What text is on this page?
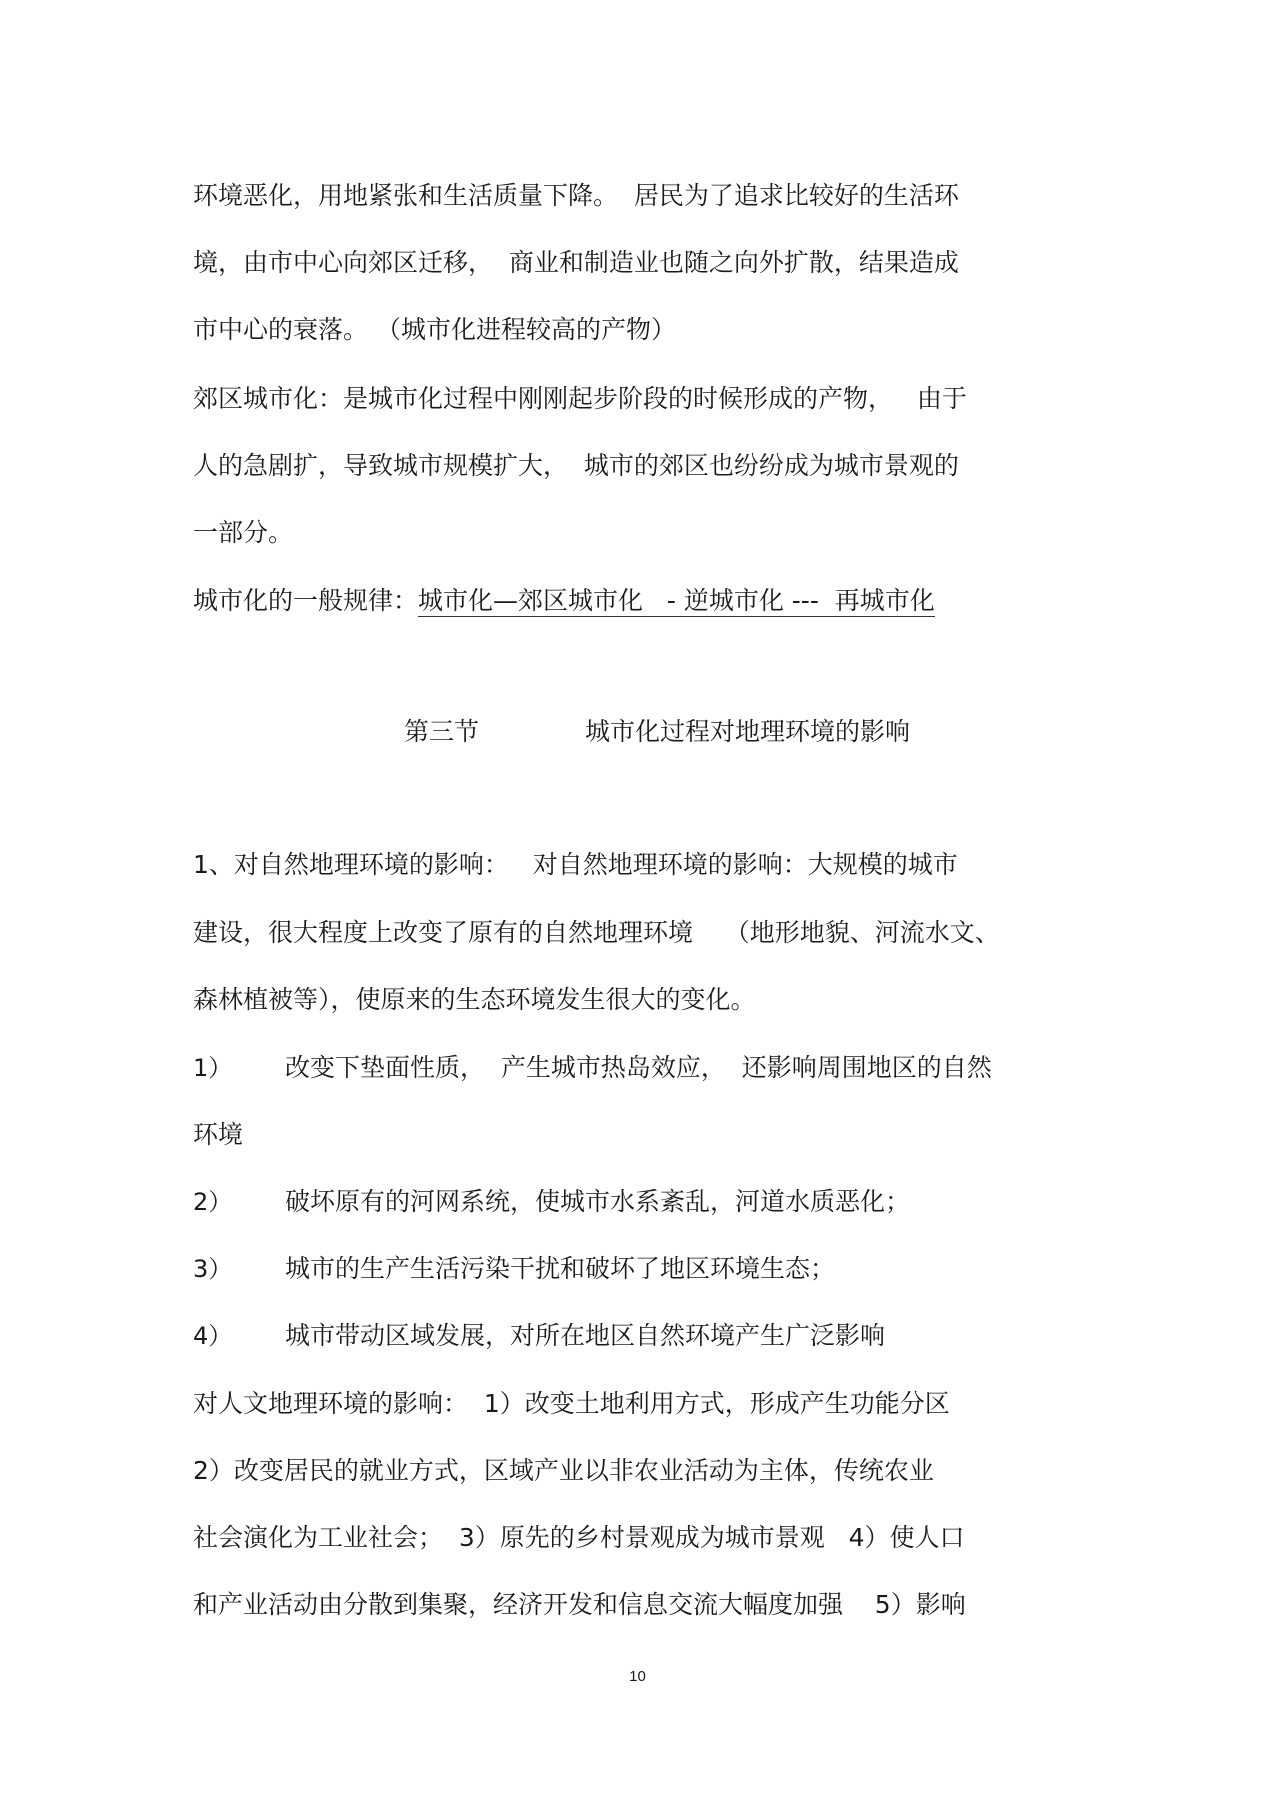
环境恶化，用地紧张和生活质量下降。  居民为了追求比较好的生活环
境，由市中心向郊区迁移，  商业和制造业也随之向外扩散，结果造成
市中心的衰落。 （城市化进程较高的产物）
郊区城市化：是城市化过程中刚刚起步阶段的时候形成的产物，   由于
人的急剧扩，导致城市规模扩大，  城市的郊区也纷纷成为城市景观的
一部分。
城市化的一般规律：城市化—郊区城市化   - 逆城市化 ---  再城市化
第三节	城市化过程对地理环境的影响
1、对自然地理环境的影响：   对自然地理环境的影响：大规模的城市
建设，很大程度上改变了原有的自然地理环境    （地形地貌、河流水文、
森林植被等），使原来的生态环境发生很大的变化。
1） 改变下垫面性质，  产生城市热岛效应，  还影响周围地区的自然
环境
2） 破坏原有的河网系统，使城市水系紊乱，河道水质恶化；
3） 城市的生产生活污染干扰和破坏了地区环境生态；
4） 城市带动区域发展，对所在地区自然环境产生广泛影响
对人文地理环境的影响：  1）改变土地利用方式，形成产生功能分区
2）改变居民的就业方式，区域产业以非农业活动为主体，传统农业
社会演化为工业社会；  3）原先的乡村景观成为城市景观   4）使人口
和产业活动由分散到集聚，经济开发和信息交流大幅度加强    5）影响
10
